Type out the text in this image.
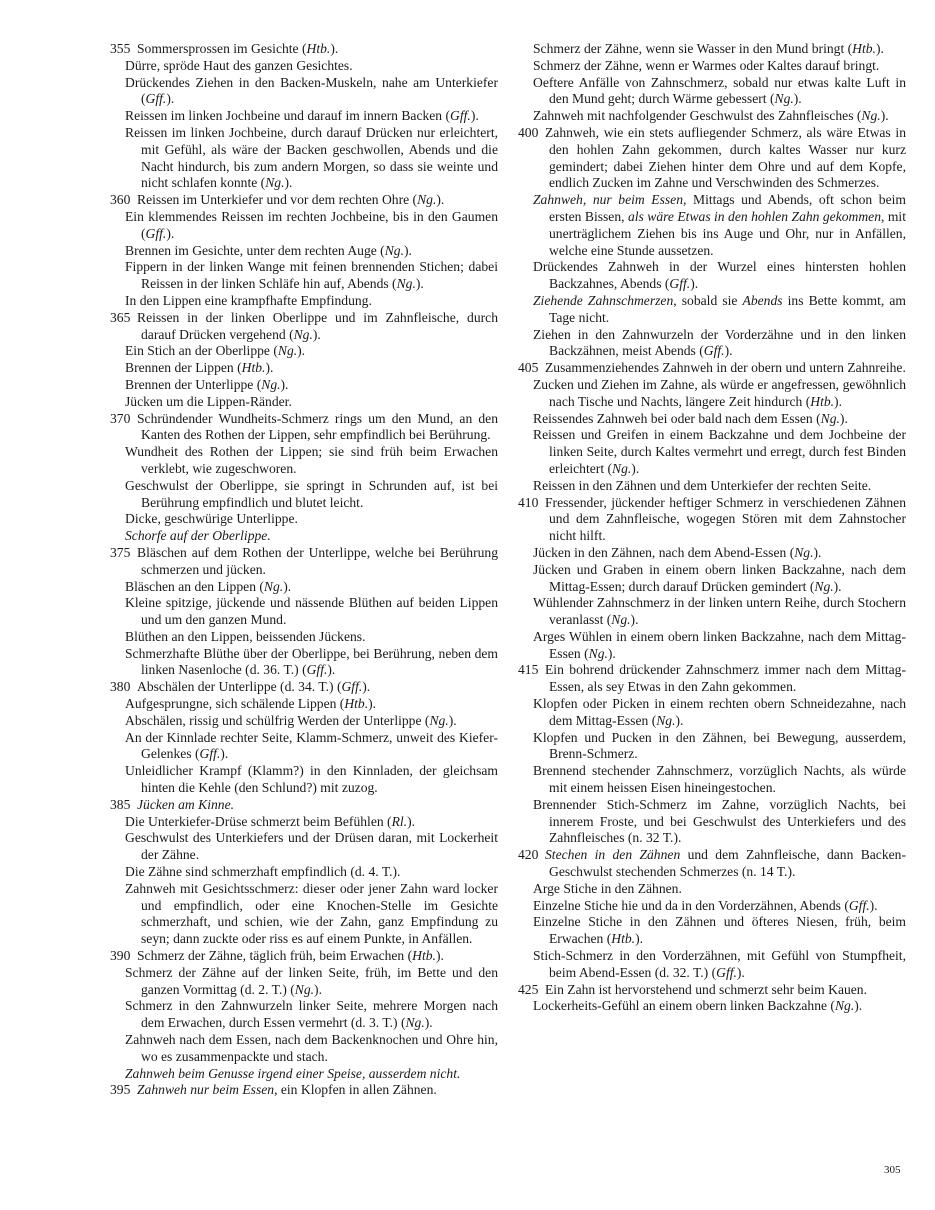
355 Sommersprossen im Gesichte (Htb.).
Dürre, spröde Haut des ganzen Gesichtes.
Drückendes Ziehen in den Backen-Muskeln, nahe am Unterkiefer (Gff.).
Reissen im linken Jochbeine und darauf im innern Backen (Gff.).
Reissen im linken Jochbeine, durch darauf Drücken nur erleichtert, mit Gefühl, als wäre der Backen geschwollen, Abends und die Nacht hindurch, bis zum andern Morgen, so dass sie weinte und nicht schlafen konnte (Ng.).
360 Reissen im Unterkiefer und vor dem rechten Ohre (Ng.).
Ein klemmendes Reissen im rechten Jochbeine, bis in den Gaumen (Gff.).
Brennen im Gesichte, unter dem rechten Auge (Ng.).
Fippern in der linken Wange mit feinen brennenden Stichen; dabei Reissen in der linken Schläfe hin auf, Abends (Ng.).
In den Lippen eine krampfhafte Empfindung.
365 Reissen in der linken Oberlippe und im Zahnfleische, durch darauf Drücken vergehend (Ng.).
Ein Stich an der Oberlippe (Ng.).
Brennen der Lippen (Htb.).
Brennen der Unterlippe (Ng.).
Jücken um die Lippen-Ränder.
370 Schründender Wundheits-Schmerz rings um den Mund, an den Kanten des Rothen der Lippen, sehr empfindlich bei Berührung.
Wundheit des Rothen der Lippen; sie sind früh beim Erwachen verklebt, wie zugeschworen.
Geschwulst der Oberlippe, sie springt in Schrunden auf, ist bei Berührung empfindlich und blutet leicht.
Dicke, geschwürige Unterlippe.
Schorfe auf der Oberlippe.
375 Bläschen auf dem Rothen der Unterlippe, welche bei Berührung schmerzen und jücken.
Bläschen an den Lippen (Ng.).
Kleine spitzige, jückende und nässende Blüthen auf beiden Lippen und um den ganzen Mund.
Blüthen an den Lippen, beissenden Jückens.
Schmerzhafte Blüthe über der Oberlippe, bei Berührung, neben dem linken Nasenloche (d. 36. T.) (Gff.).
380 Abschälen der Unterlippe (d. 34. T.) (Gff.).
Aufgesprungne, sich schälende Lippen (Htb.).
Abschälen, rissig und schülfrig Werden der Unterlippe (Ng.).
An der Kinnlade rechter Seite, Klamm-Schmerz, unweit des Kiefer-Gelenkes (Gff.).
Unleidlicher Krampf (Klamm?) in den Kinnladen, der gleichsam hinten die Kehle (den Schlund?) mit zuzog.
385 Jücken am Kinne.
Die Unterkiefer-Drüse schmerzt beim Befühlen (Rl.).
Geschwulst des Unterkiefers und der Drüsen daran, mit Lockerheit der Zähne.
Die Zähne sind schmerzhaft empfindlich (d. 4. T.).
Zahnweh mit Gesichtsschmerz: dieser oder jener Zahn ward locker und empfindlich, oder eine Knochen-Stelle im Gesichte schmerzhaft, und schien, wie der Zahn, ganz Empfindung zu seyn; dann zuckte oder riss es auf einem Punkte, in Anfällen.
390 Schmerz der Zähne, täglich früh, beim Erwachen (Htb.).
Schmerz der Zähne auf der linken Seite, früh, im Bette und den ganzen Vormittag (d. 2. T.) (Ng.).
Schmerz in den Zahnwurzeln linker Seite, mehrere Morgen nach dem Erwachen, durch Essen vermehrt (d. 3. T.) (Ng.).
Zahnweh nach dem Essen, nach dem Backenknochen und Ohre hin, wo es zusammenpackte und stach.
Zahnweh beim Genusse irgend einer Speise, ausserdem nicht.
395 Zahnweh nur beim Essen, ein Klopfen in allen Zähnen.
Schmerz der Zähne, wenn sie Wasser in den Mund bringt (Htb.).
Schmerz der Zähne, wenn er Warmes oder Kaltes darauf bringt.
Oeftere Anfälle von Zahnschmerz, sobald nur etwas kalte Luft in den Mund geht; durch Wärme gebessert (Ng.).
Zahnweh mit nachfolgender Geschwulst des Zahnfleisches (Ng.).
400 Zahnweh, wie ein stets aufliegender Schmerz, als wäre Etwas in den hohlen Zahn gekommen, durch kaltes Wasser nur kurz gemindert; dabei Ziehen hinter dem Ohre und auf dem Kopfe, endlich Zucken im Zahne und Verschwinden des Schmerzes.
Zahnweh, nur beim Essen, Mittags und Abends, oft schon beim ersten Bissen, als wäre Etwas in den hohlen Zahn gekommen, mit unerträglichem Ziehen bis ins Auge und Ohr, nur in Anfällen, welche eine Stunde aussetzen.
Drückendes Zahnweh in der Wurzel eines hintersten hohlen Backzahnes, Abends (Gff.).
Ziehende Zahnschmerzen, sobald sie Abends ins Bette kommt, am Tage nicht.
Ziehen in den Zahnwurzeln der Vorderzähne und in den linken Backzähnen, meist Abends (Gff.).
405 Zusammenziehendes Zahnweh in der obern und untern Zahnreihe.
Zucken und Ziehen im Zahne, als würde er angefressen, gewöhnlich nach Tische und Nachts, längere Zeit hindurch (Htb.).
Reissendes Zahnweh bei oder bald nach dem Essen (Ng.).
Reissen und Greifen in einem Backzahne und dem Jochbeine der linken Seite, durch Kaltes vermehrt und erregt, durch fest Binden erleichtert (Ng.).
Reissen in den Zähnen und dem Unterkiefer der rechten Seite.
410 Fressender, jückender heftiger Schmerz in verschiedenen Zähnen und dem Zahnfleische, wogegen Stören mit dem Zahnstocher nicht hilft.
Jücken in den Zähnen, nach dem Abend-Essen (Ng.).
Jücken und Graben in einem obern linken Backzahne, nach dem Mittag-Essen; durch darauf Drücken gemindert (Ng.).
Wühlender Zahnschmerz in der linken untern Reihe, durch Stochern veranlasst (Ng.).
Arges Wühlen in einem obern linken Backzahne, nach dem Mittag-Essen (Ng.).
415 Ein bohrend drückender Zahnschmerz immer nach dem Mittag-Essen, als sey Etwas in den Zahn gekommen.
Klopfen oder Picken in einem rechten obern Schneidezahne, nach dem Mittag-Essen (Ng.).
Klopfen und Pucken in den Zähnen, bei Bewegung, ausserdem, Brenn-Schmerz.
Brennend stechender Zahnschmerz, vorzüglich Nachts, als würde mit einem heissen Eisen hineingestochen.
Brennender Stich-Schmerz im Zahne, vorzüglich Nachts, bei innerem Froste, und bei Geschwulst des Unterkiefers und des Zahnfleisches (n. 32 T.).
420 Stechen in den Zähnen und dem Zahnfleische, dann Backen-Geschwulst stechenden Schmerzes (n. 14 T.).
Arge Stiche in den Zähnen.
Einzelne Stiche hie und da in den Vorderzähnen, Abends (Gff.).
Einzelne Stiche in den Zähnen und öfteres Niesen, früh, beim Erwachen (Htb.).
Stich-Schmerz in den Vorderzähnen, mit Gefühl von Stumpfheit, beim Abend-Essen (d. 32. T.) (Gff.).
425 Ein Zahn ist hervorstehend und schmerzt sehr beim Kauen.
Lockerheits-Gefühl an einem obern linken Backzahne (Ng.).
305
